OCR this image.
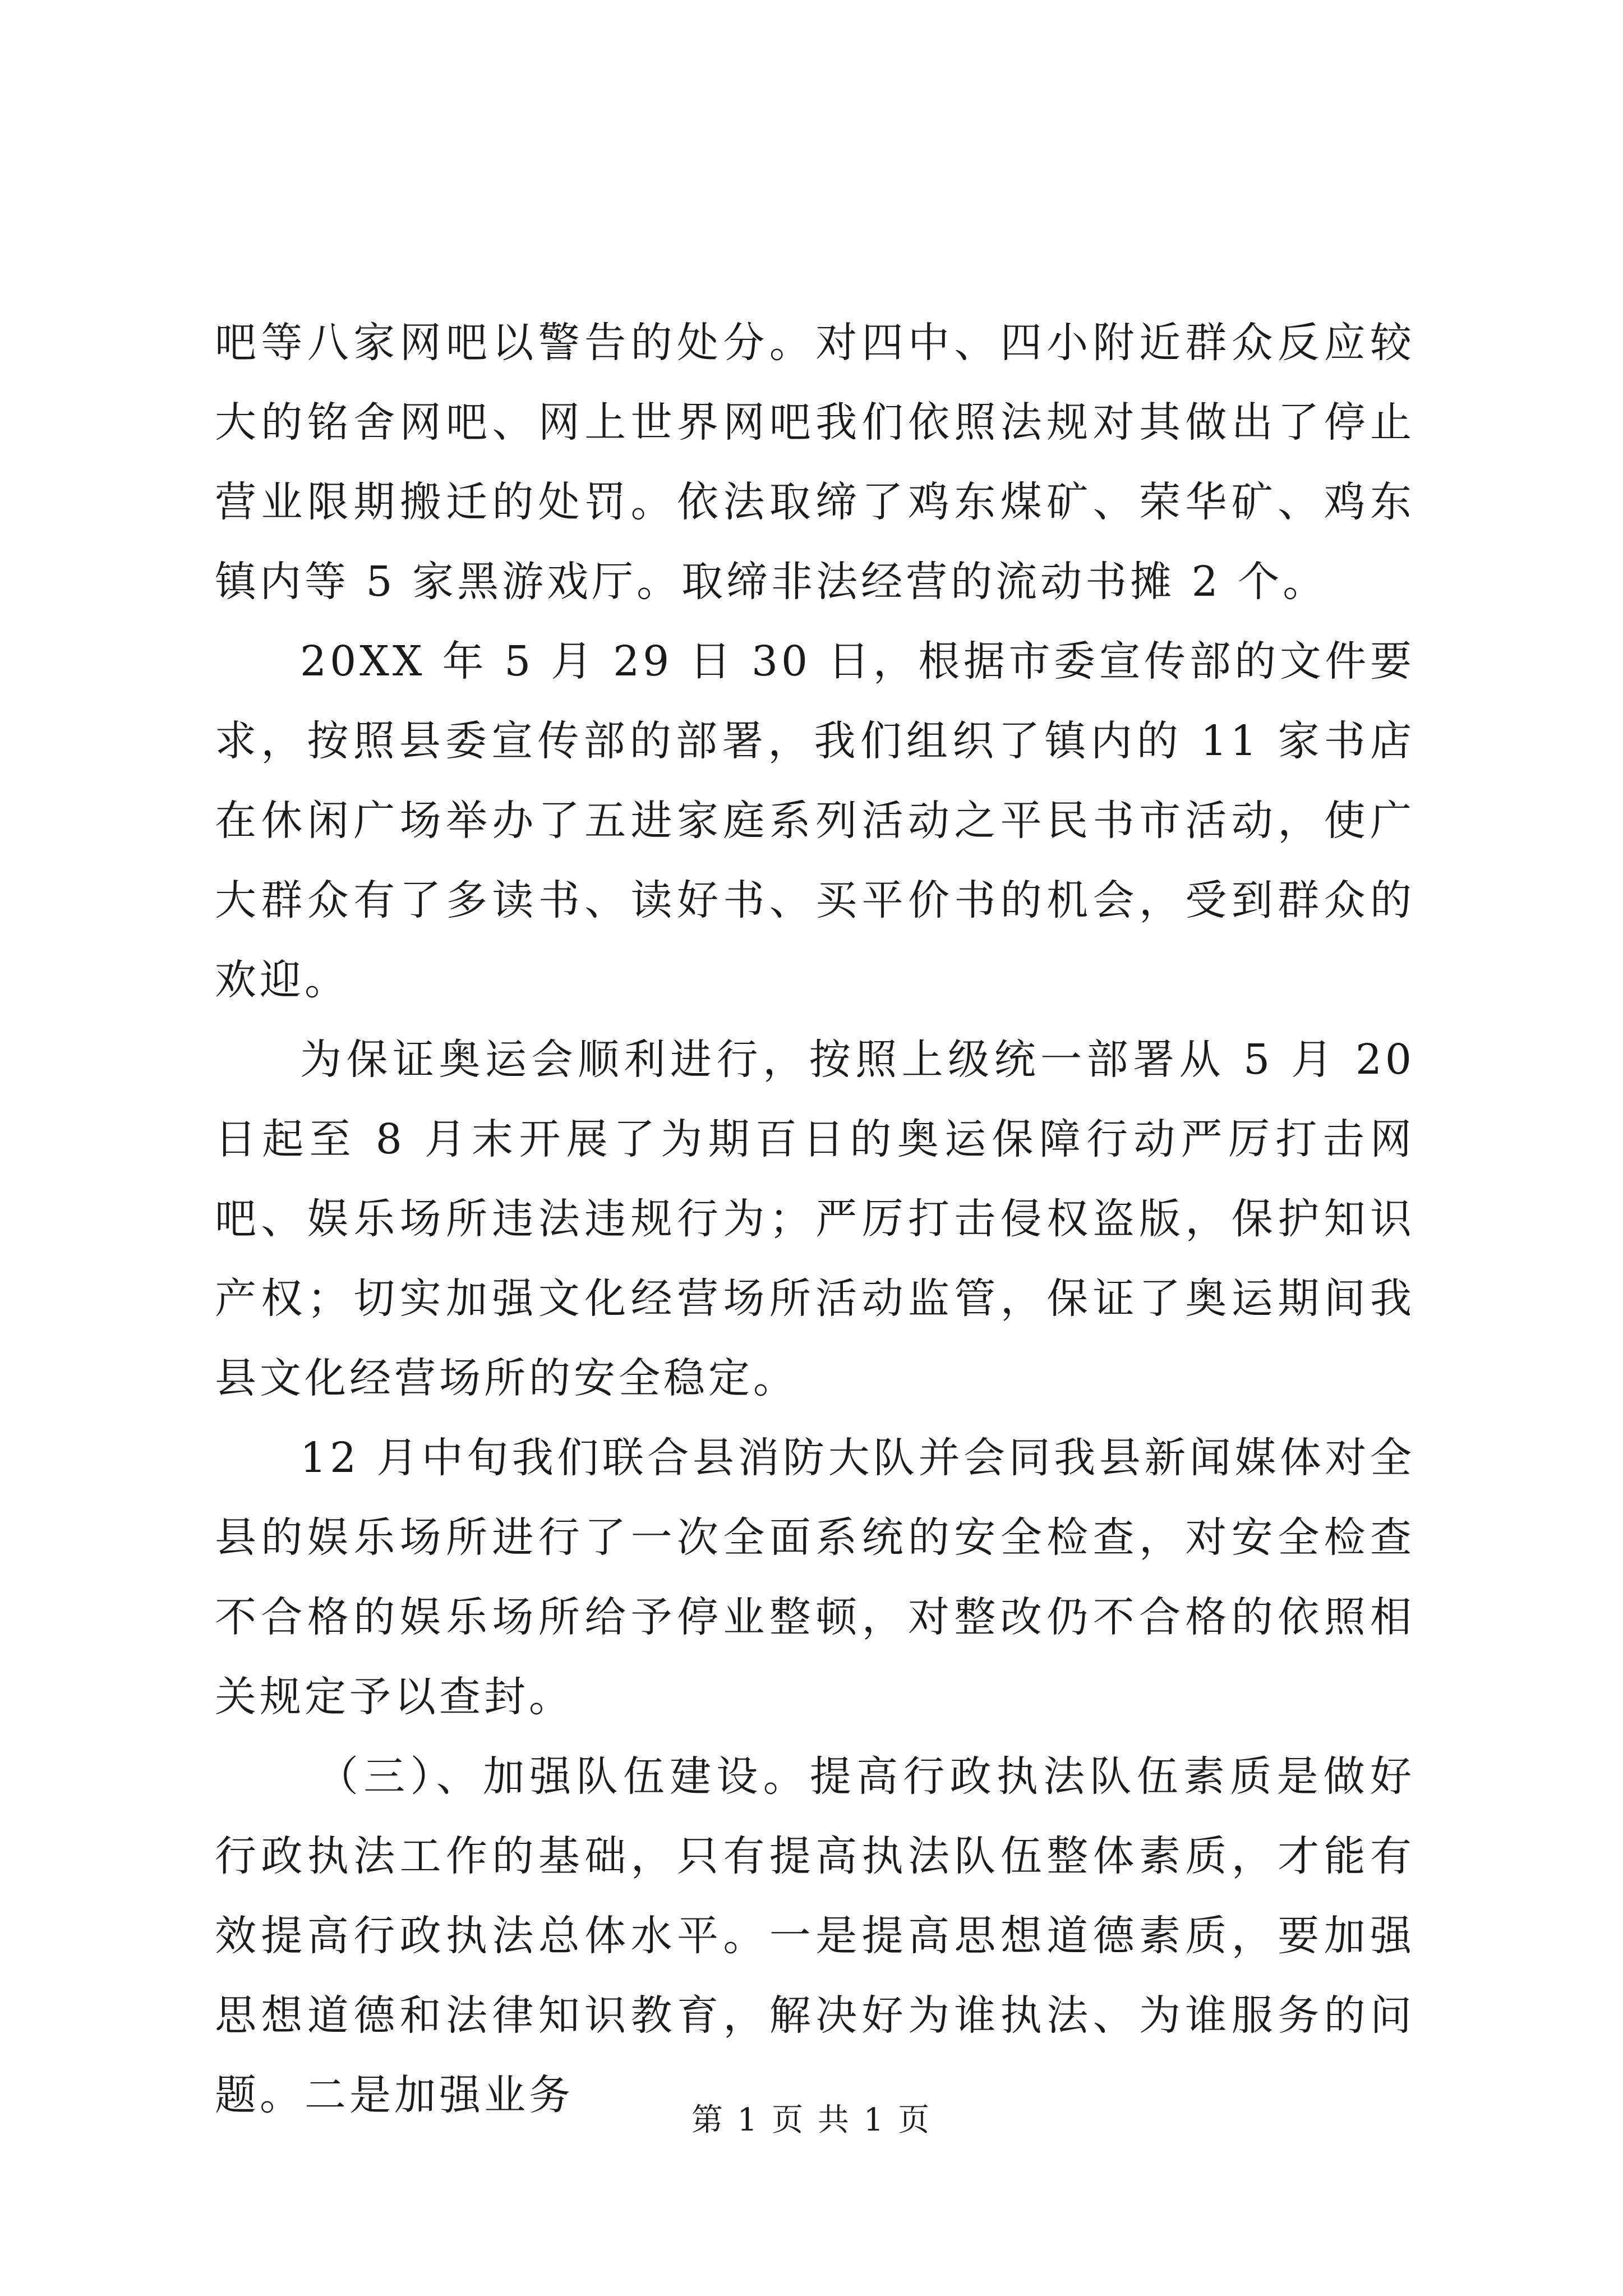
吧等八家网吧以警告的处分。对四中、四小附近群众反应较大的铭舍网吧、网上世界网吧我们依照法规对其做出了停止营业限期搬迁的处罚。依法取缔了鸡东煤矿、荣华矿、鸡东镇内等 5 家黑游戏厅。取缔非法经营的流动书摊 2 个。

20XX 年 5 月 29 日 30 日，根据市委宣传部的文件要求，按照县委宣传部的部署，我们组织了镇内的 11 家书店在休闲广场举办了五进家庭系列活动之平民书市活动，使广大群众有了多读书、读好书、买平价书的机会，受到群众的欢迎。

为保证奥运会顺利进行，按照上级统一部署从 5 月 20 日起至 8 月末开展了为期百日的奥运保障行动严厉打击网吧、娱乐场所违法违规行为；严厉打击侵权盗版，保护知识产权；切实加强文化经营场所活动监管，保证了奥运期间我县文化经营场所的安全稳定。

12 月中旬我们联合县消防大队并会同我县新闻媒体对全县的娱乐场所进行了一次全面系统的安全检查，对安全检查不合格的娱乐场所给予停业整顿，对整改仍不合格的依照相关规定予以查封。

（三）、加强队伍建设。提高行政执法队伍素质是做好行政执法工作的基础，只有提高执法队伍整体素质，才能有效提高行政执法总体水平。一是提高思想道德素质，要加强思想道德和法律知识教育，解决好为谁执法、为谁服务的问题。二是加强业务

第 1 页 共 1 页
